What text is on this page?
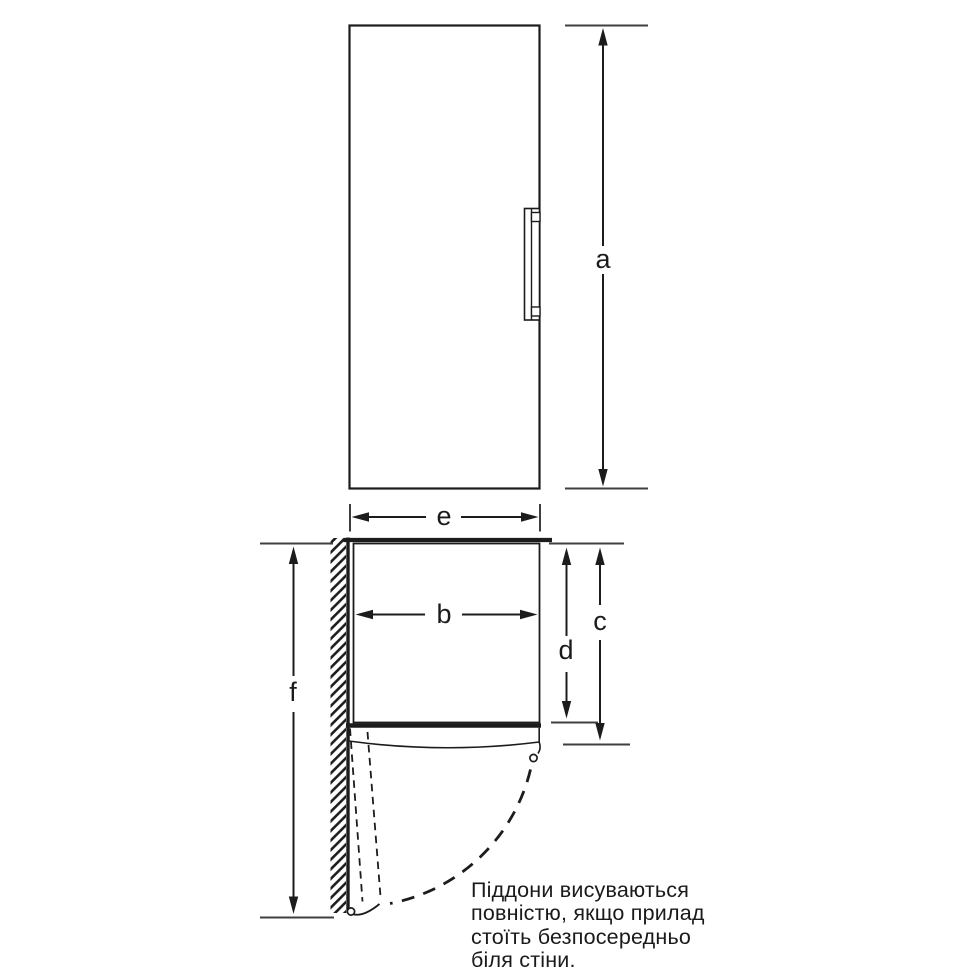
a
e
b
d
c
f
Піддони висуваються
повністю, якщо прилад
стоїть безпосередньо
біля стіни.
